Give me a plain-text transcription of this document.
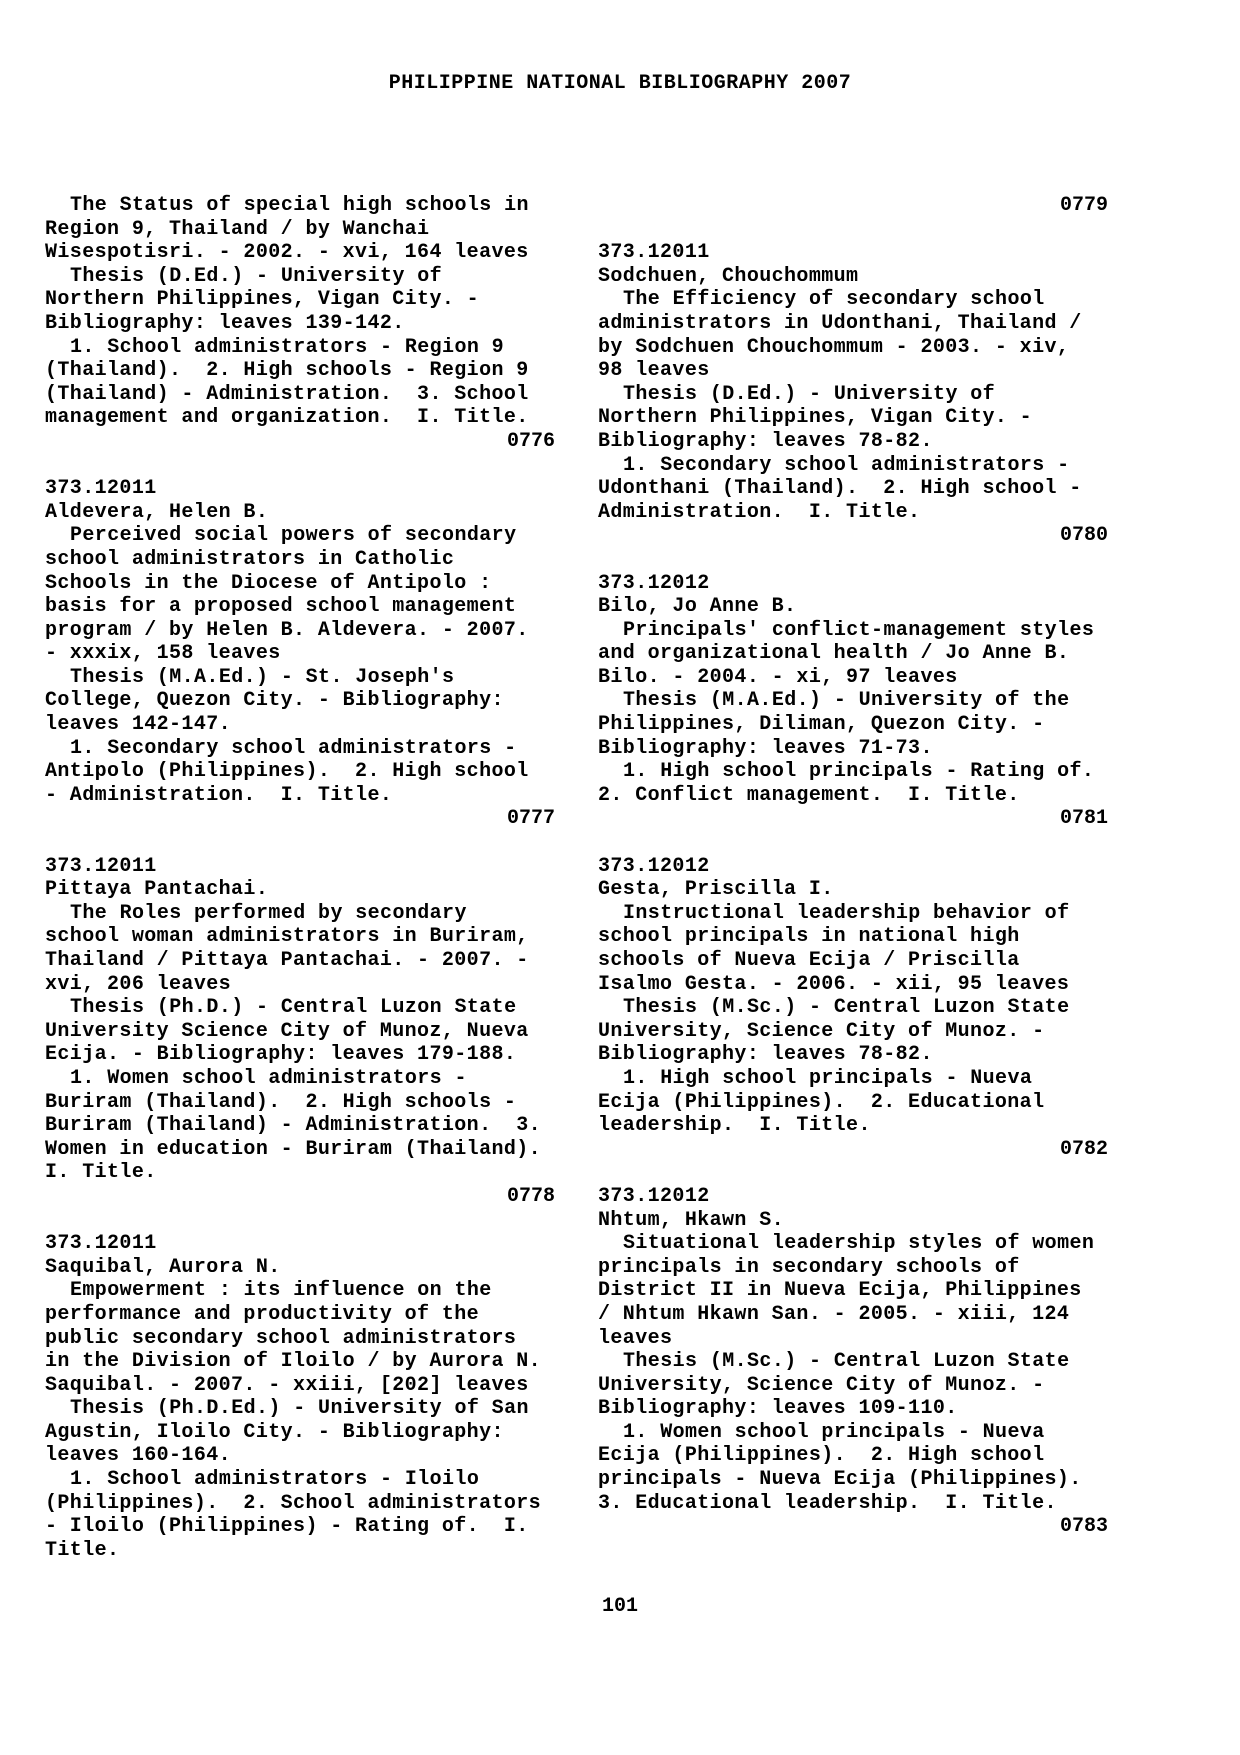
PHILIPPINE NATIONAL BIBLIOGRAPHY 2007
The Status of special high schools in
Region 9, Thailand / by Wanchai
Wisespotisri. - 2002. - xvi, 164 leaves
Thesis (D.Ed.) - University of
Northern Philippines, Vigan City. -
Bibliography: leaves 139-142.
1. School administrators - Region 9
(Thailand).  2. High schools - Region 9
(Thailand) - Administration.  3. School
management and organization.  I. Title.
0776
373.12011
Aldevera, Helen B.
Perceived social powers of secondary
school administrators in Catholic
Schools in the Diocese of Antipolo :
basis for a proposed school management
program / by Helen B. Aldevera. - 2007.
- xxxix, 158 leaves
Thesis (M.A.Ed.) - St. Joseph's
College, Quezon City. - Bibliography:
leaves 142-147.
1. Secondary school administrators -
Antipolo (Philippines).  2. High school
- Administration.  I. Title.
0777
373.12011
Pittaya Pantachai.
The Roles performed by secondary
school woman administrators in Buriram,
Thailand / Pittaya Pantachai. - 2007. -
xvi, 206 leaves
Thesis (Ph.D.) - Central Luzon State
University Science City of Munoz, Nueva
Ecija. - Bibliography: leaves 179-188.
1. Women school administrators -
Buriram (Thailand).  2. High schools -
Buriram (Thailand) - Administration.  3.
Women in education - Buriram (Thailand).
I. Title.
0778
373.12011
Saquibal, Aurora N.
Empowerment : its influence on the
performance and productivity of the
public secondary school administrators
in the Division of Iloilo / by Aurora N.
Saquibal. - 2007. - xxiii, [202] leaves
Thesis (Ph.D.Ed.) - University of San
Agustin, Iloilo City. - Bibliography:
leaves 160-164.
1. School administrators - Iloilo
(Philippines).  2. School administrators
- Iloilo (Philippines) - Rating of.  I.
Title.
0779
373.12011
Sodchuen, Chouchommum
The Efficiency of secondary school
administrators in Udonthani, Thailand /
by Sodchuen Chouchommum - 2003. - xiv,
98 leaves
Thesis (D.Ed.) - University of
Northern Philippines, Vigan City. -
Bibliography: leaves 78-82.
1. Secondary school administrators -
Udonthani (Thailand).  2. High school -
Administration.  I. Title.
0780
373.12012
Bilo, Jo Anne B.
Principals' conflict-management styles
and organizational health / Jo Anne B.
Bilo. - 2004. - xi, 97 leaves
Thesis (M.A.Ed.) - University of the
Philippines, Diliman, Quezon City. -
Bibliography: leaves 71-73.
1. High school principals - Rating of.
2. Conflict management.  I. Title.
0781
373.12012
Gesta, Priscilla I.
Instructional leadership behavior of
school principals in national high
schools of Nueva Ecija / Priscilla
Isalmo Gesta. - 2006. - xii, 95 leaves
Thesis (M.Sc.) - Central Luzon State
University, Science City of Munoz. -
Bibliography: leaves 78-82.
1. High school principals - Nueva
Ecija (Philippines).  2. Educational
leadership.  I. Title.
0782
373.12012
Nhtum, Hkawn S.
Situational leadership styles of women
principals in secondary schools of
District II in Nueva Ecija, Philippines
/ Nhtum Hkawn San. - 2005. - xiii, 124
leaves
Thesis (M.Sc.) - Central Luzon State
University, Science City of Munoz. -
Bibliography: leaves 109-110.
1. Women school principals - Nueva
Ecija (Philippines).  2. High school
principals - Nueva Ecija (Philippines).
3. Educational leadership.  I. Title.
0783
101
